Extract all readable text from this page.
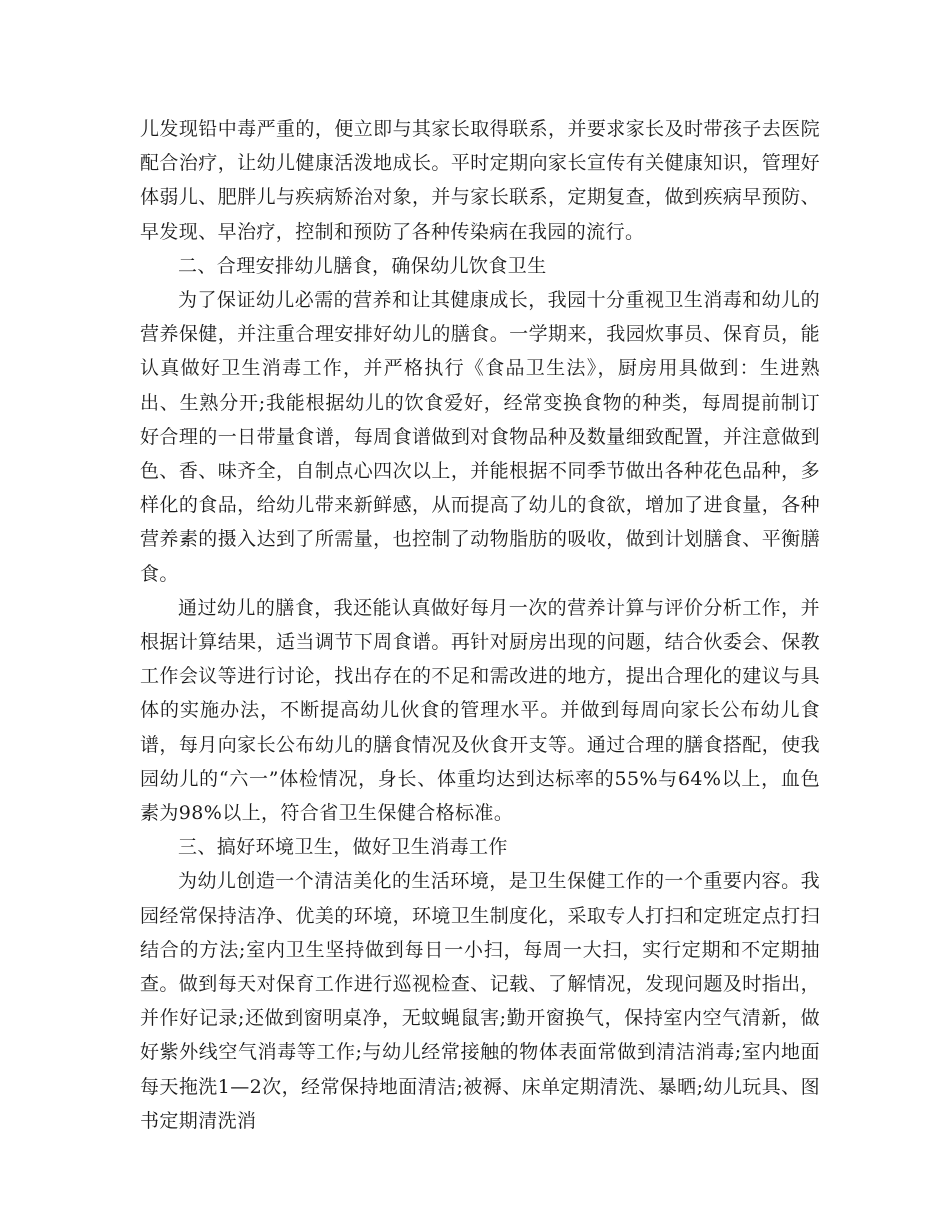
儿发现铅中毒严重的，便立即与其家长取得联系，并要求家长及时带孩子去医院配合治疗，让幼儿健康活泼地成长。平时定期向家长宣传有关健康知识，管理好体弱儿、肥胖儿与疾病矫治对象，并与家长联系，定期复查，做到疾病早预防、早发现、早治疗，控制和预防了各种传染病在我园的流行。

二、合理安排幼儿膳食，确保幼儿饮食卫生

为了保证幼儿必需的营养和让其健康成长，我园十分重视卫生消毒和幼儿的营养保健，并注重合理安排好幼儿的膳食。一学期来，我园炊事员、保育员，能认真做好卫生消毒工作，并严格执行《食品卫生法》，厨房用具做到：生进熟出、生熟分开;我能根据幼儿的饮食爱好，经常变换食物的种类，每周提前制订好合理的一日带量食谱，每周食谱做到对食物品种及数量细致配置，并注意做到色、香、味齐全，自制点心四次以上，并能根据不同季节做出各种花色品种，多样化的食品，给幼儿带来新鲜感，从而提高了幼儿的食欲，增加了进食量，各种营养素的摄入达到了所需量，也控制了动物脂肪的吸收，做到计划膳食、平衡膳食。

通过幼儿的膳食，我还能认真做好每月一次的营养计算与评价分析工作，并根据计算结果，适当调节下周食谱。再针对厨房出现的问题，结合伙委会、保教工作会议等进行讨论，找出存在的不足和需改进的地方，提出合理化的建议与具体的实施办法，不断提高幼儿伙食的管理水平。并做到每周向家长公布幼儿食谱，每月向家长公布幼儿的膳食情况及伙食开支等。通过合理的膳食搭配，使我园幼儿的“六一”体检情况，身长、体重均达到达标率的55%与64%以上，血色素为98%以上，符合省卫生保健合格标准。

三、搞好环境卫生，做好卫生消毒工作

为幼儿创造一个清洁美化的生活环境，是卫生保健工作的一个重要内容。我园经常保持洁净、优美的环境，环境卫生制度化，采取专人打扫和定班定点打扫结合的方法;室内卫生坚持做到每日一小扫，每周一大扫，实行定期和不定期抽查。做到每天对保育工作进行巡视检查、记载、了解情况，发现问题及时指出，并作好记录;还做到窗明桌净，无蚊蝇鼠害;勤开窗换气，保持室内空气清新，做好紫外线空气消毒等工作;与幼儿经常接触的物体表面常做到清洁消毒;室内地面每天拖洗1—2次，经常保持地面清洁;被褥、床单定期清洗、暴晒;幼儿玩具、图书定期清洗消
